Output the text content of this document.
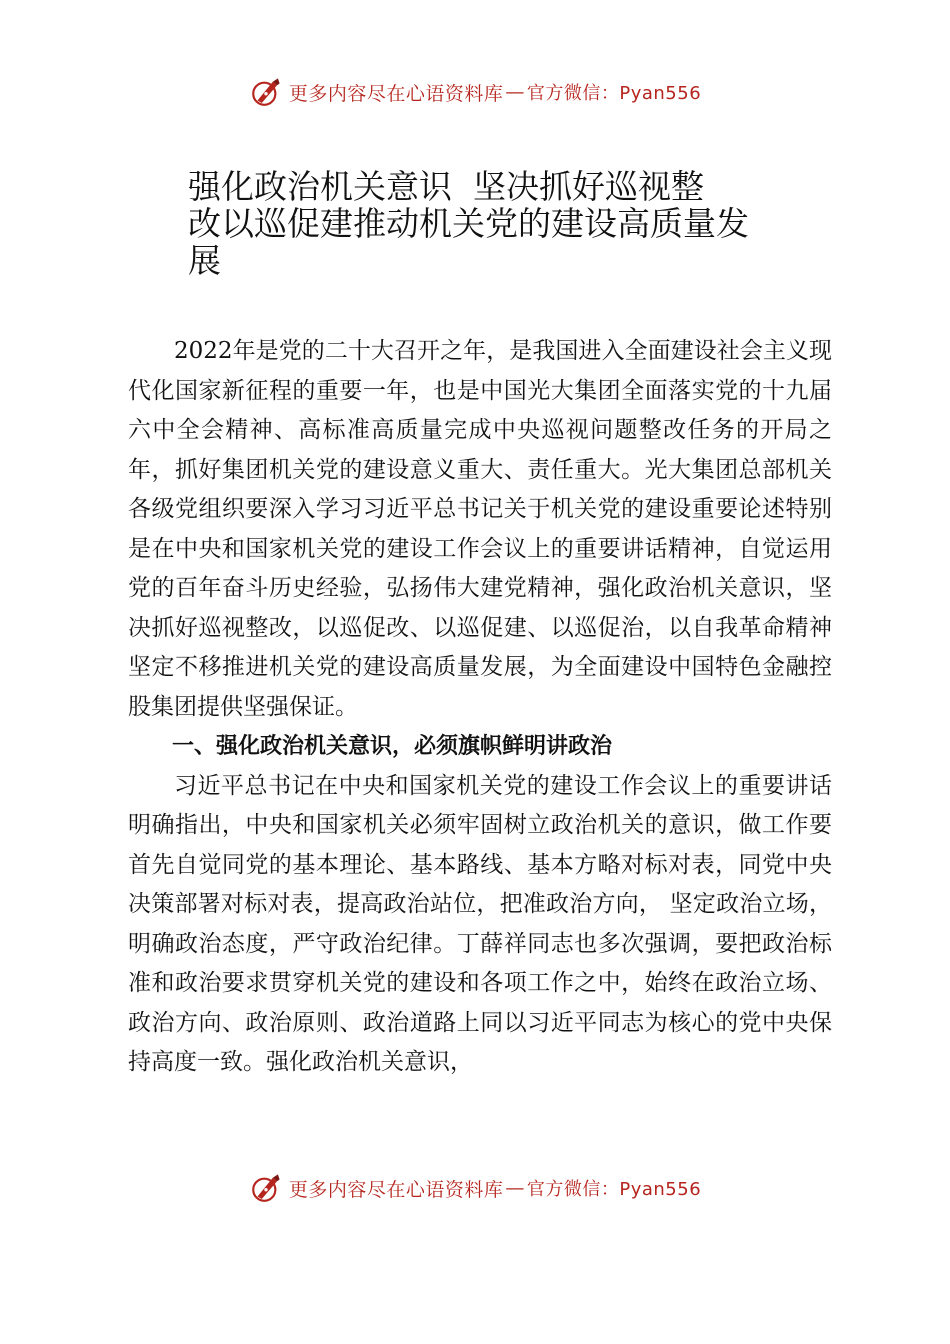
更多内容尽在心语资料库 — 官方微信：Pyan556
强化政治机关意识  坚决抓好巡视整
改以巡促建推动机关党的建设高质量发
展

2022年是党的二十大召开之年，是我国进入全面建设社会主义现代化国家新征程的重要一年，也是中国光大集团全面落实党的十九届六中全会精神、高标准高质量完成中央巡视问题整改任务的开局之年，抓好集团机关党的建设意义重大、责任重大。光大集团总部机关各级党组织要深入学习习近平总书记关于机关党的建设重要论述特别是在中央和国家机关党的建设工作会议上的重要讲话精神，自觉运用党的百年奋斗历史经验，弘扬伟大建党精神，强化政治机关意识，坚决抓好巡视整改，以巡促改、以巡促建、以巡促治，以自我革命精神坚定不移推进机关党的建设高质量发展，为全面建设中国特色金融控股集团提供坚强保证。

一、强化政治机关意识，必须旗帜鲜明讲政治

习近平总书记在中央和国家机关党的建设工作会议上的重要讲话明确指出，中央和国家机关必须牢固树立政治机关的意识，做工作要首先自觉同党的基本理论、基本路线、基本方略对标对表，同党中央决策部署对标对表，提高政治站位，把准政治方向， 坚定政治立场，明确政治态度，严守政治纪律。丁薛祥同志也多次强调，要把政治标准和政治要求贯穿机关党的建设和各项工作之中，始终在政治立场、政治方向、政治原则、政治道路上同以习近平同志为核心的党中央保持高度一致。强化政治机关意识，

更多内容尽在心语资料库 — 官方微信：Pyan556
